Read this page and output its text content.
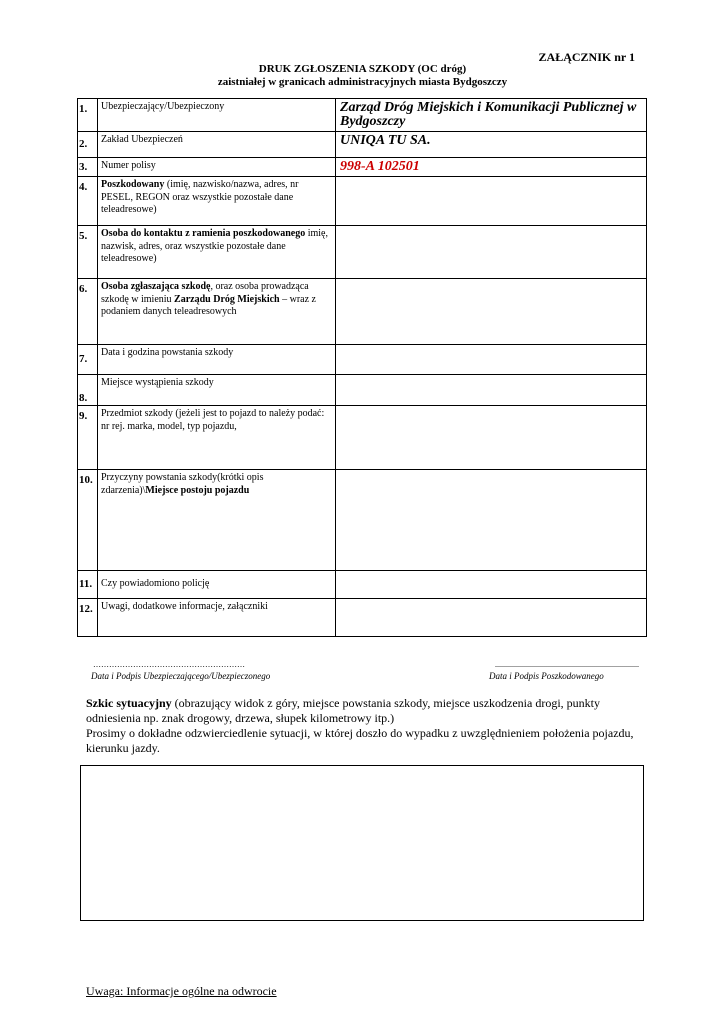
ZAŁĄCZNIK nr 1
DRUK ZGŁOSZENIA SZKODY (OC dróg)
zaistniałej w granicach administracyjnych miasta Bydgoszczy
1.	Ubezpieczający/Ubezpieczony	Zarząd Dróg Miejskich i Komunikacji Publicznej w Bydgoszczy
2.	Zakład Ubezpieczeń	UNIQA TU SA.
3.	Numer polisy	998-A 102501
4.	Poszkodowany (imię, nazwisko/nazwa, adres, nr PESEL, REGON oraz wszystkie pozostałe dane teleadresowe)	
5.	Osoba do kontaktu z ramienia poszkodowanego imię, nazwisk, adres, oraz wszystkie pozostałe dane teleadresowe)	
6.	Osoba zgłaszająca szkodę, oraz osoba prowadząca szkodę w imieniu Zarządu Dróg Miejskich – wraz z podaniem danych teleadresowych	
7.	Data i godzina powstania szkody	
8.	Miejsce wystąpienia szkody	
9.	Przedmiot szkody (jeżeli jest to pojazd to należy podać: nr rej. marka, model, typ pojazdu,	
10.	Przyczyny powstania szkody(krótki opis zdarzenia)\Miejsce postoju pojazdu	
11.	Czy powiadomiono policję	
12.	Uwagi, dodatkowe informacje, załączniki	
…………………………………………………
Data i Podpis Ubezpieczającego/Ubezpieczonego
........................................................................
Data i Podpis Poszkodowanego
Szkic sytuacyjny (obrazujący widok z góry, miejsce powstania szkody, miejsce uszkodzenia drogi, punkty odniesienia np. znak drogowy, drzewa, słupek kilometrowy itp.)
Prosimy o dokładne odzwierciedlenie sytuacji, w której doszło do wypadku z uwzględnieniem położenia pojazdu, kierunku jazdy.
Uwaga: Informacje ogólne na odwrocie
